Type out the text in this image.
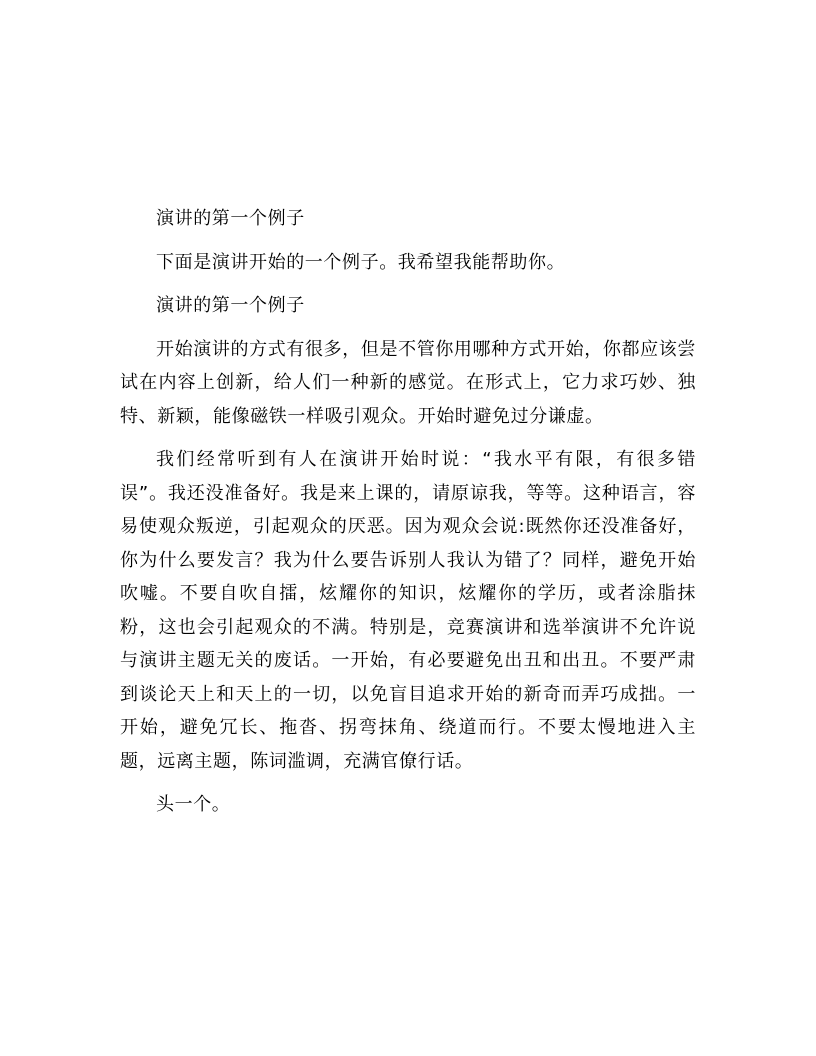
演讲的第一个例子

下面是演讲开始的一个例子。我希望我能帮助你。

演讲的第一个例子

开始演讲的方式有很多，但是不管你用哪种方式开始，你都应该尝试在内容上创新，给人们一种新的感觉。在形式上，它力求巧妙、独特、新颖，能像磁铁一样吸引观众。开始时避免过分谦虚。

我们经常听到有人在演讲开始时说：“我水平有限，有很多错误”。我还没准备好。我是来上课的，请原谅我，等等。这种语言，容易使观众叛逆，引起观众的厌恶。因为观众会说:既然你还没准备好，你为什么要发言？我为什么要告诉别人我认为错了？同样，避免开始吹嘘。不要自吹自擂，炫耀你的知识，炫耀你的学历，或者涂脂抹粉，这也会引起观众的不满。特别是，竞赛演讲和选举演讲不允许说与演讲主题无关的废话。一开始，有必要避免出丑和出丑。不要严肃到谈论天上和天上的一切，以免盲目追求开始的新奇而弄巧成拙。一开始，避免冗长、拖沓、拐弯抹角、绕道而行。不要太慢地进入主题，远离主题，陈词滥调，充满官僚行话。

头一个。
